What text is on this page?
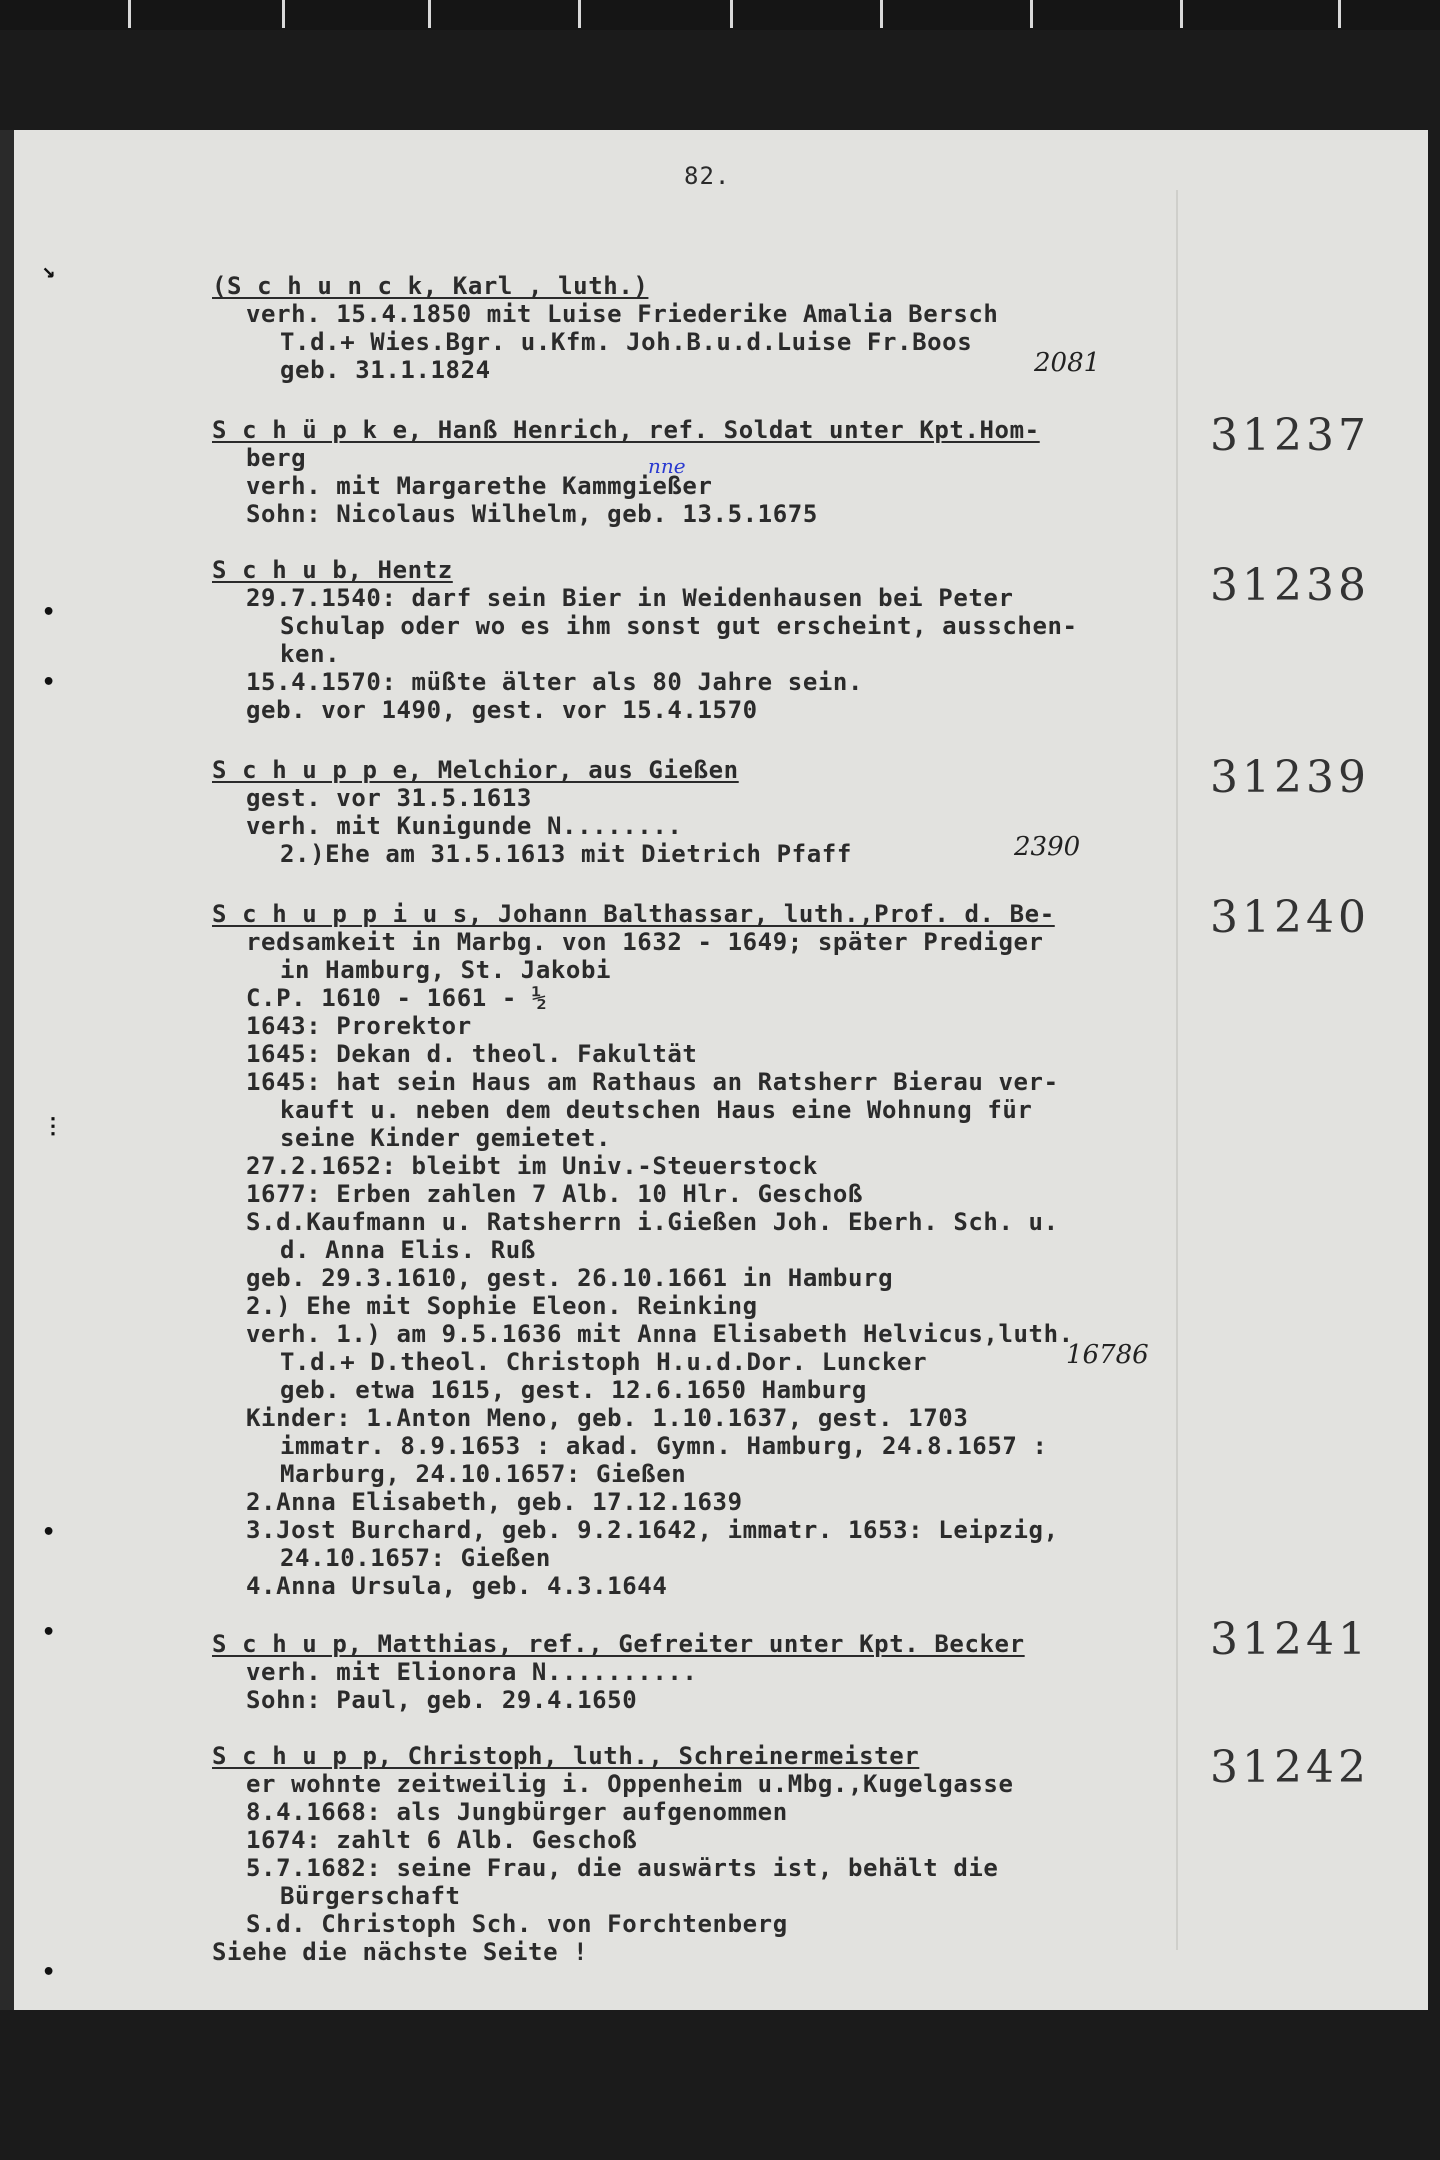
↘
•
•
⋮
•
•
•
82.
(S c h u n c k, Karl , luth.)
verh. 15.4.1850 mit Luise Friederike Amalia Bersch
T.d.+ Wies.Bgr. u.Kfm. Joh.B.u.d.Luise Fr.Boos
geb. 31.1.1824	2081
31237
S c h ü p k e, Hanß Henrich, ref. Soldat unter Kpt.Hom-
berg	nne
verh. mit Margarethe Kammgießer
Sohn: Nicolaus Wilhelm, geb. 13.5.1675
31238
S c h u b, Hentz
29.7.1540: darf sein Bier in Weidenhausen bei Peter
Schulap oder wo es ihm sonst gut erscheint, ausschen-
ken.
15.4.1570: müßte älter als 80 Jahre sein.
geb. vor 1490, gest. vor 15.4.1570
31239
S c h u p p e, Melchior, aus Gießen
gest. vor 31.5.1613
verh. mit Kunigunde N........
2.)Ehe am 31.5.1613 mit Dietrich Pfaff	2390
31240
S c h u p p i u s, Johann Balthassar, luth.,Prof. d. Be-
redsamkeit in Marbg. von 1632 - 1649; später Prediger
in Hamburg, St. Jakobi
C.P. 1610 - 1661 - ½
1643: Prorektor
1645: Dekan d. theol. Fakultät
1645: hat sein Haus am Rathaus an Ratsherr Bierau ver-
kauft u. neben dem deutschen Haus eine Wohnung für
seine Kinder gemietet.
27.2.1652: bleibt im Univ.-Steuerstock
1677: Erben zahlen 7 Alb. 10 Hlr. Geschoß
S.d.Kaufmann u. Ratsherrn i.Gießen Joh. Eberh. Sch. u.
d. Anna Elis. Ruß
geb. 29.3.1610, gest. 26.10.1661 in Hamburg
2.) Ehe mit Sophie Eleon. Reinking
verh. 1.) am 9.5.1636 mit Anna Elisabeth Helvicus,luth.
T.d.+ D.theol. Christoph H.u.d.Dor. Luncker	16786
geb. etwa 1615, gest. 12.6.1650 Hamburg
Kinder: 1.Anton Meno, geb. 1.10.1637, gest. 1703
immatr. 8.9.1653 : akad. Gymn. Hamburg, 24.8.1657 :
Marburg, 24.10.1657: Gießen
2.Anna Elisabeth, geb. 17.12.1639
3.Jost Burchard, geb. 9.2.1642, immatr. 1653: Leipzig,
24.10.1657: Gießen
4.Anna Ursula, geb. 4.3.1644
31241
S c h u p, Matthias, ref., Gefreiter unter Kpt. Becker
verh. mit Elionora N..........
Sohn: Paul, geb. 29.4.1650
31242
S c h u p p, Christoph, luth., Schreinermeister
er wohnte zeitweilig i. Oppenheim u.Mbg.,Kugelgasse
8.4.1668: als Jungbürger aufgenommen
1674: zahlt 6 Alb. Geschoß
5.7.1682: seine Frau, die auswärts ist, behält die
Bürgerschaft
S.d. Christoph Sch. von Forchtenberg
Siehe die nächste Seite !
